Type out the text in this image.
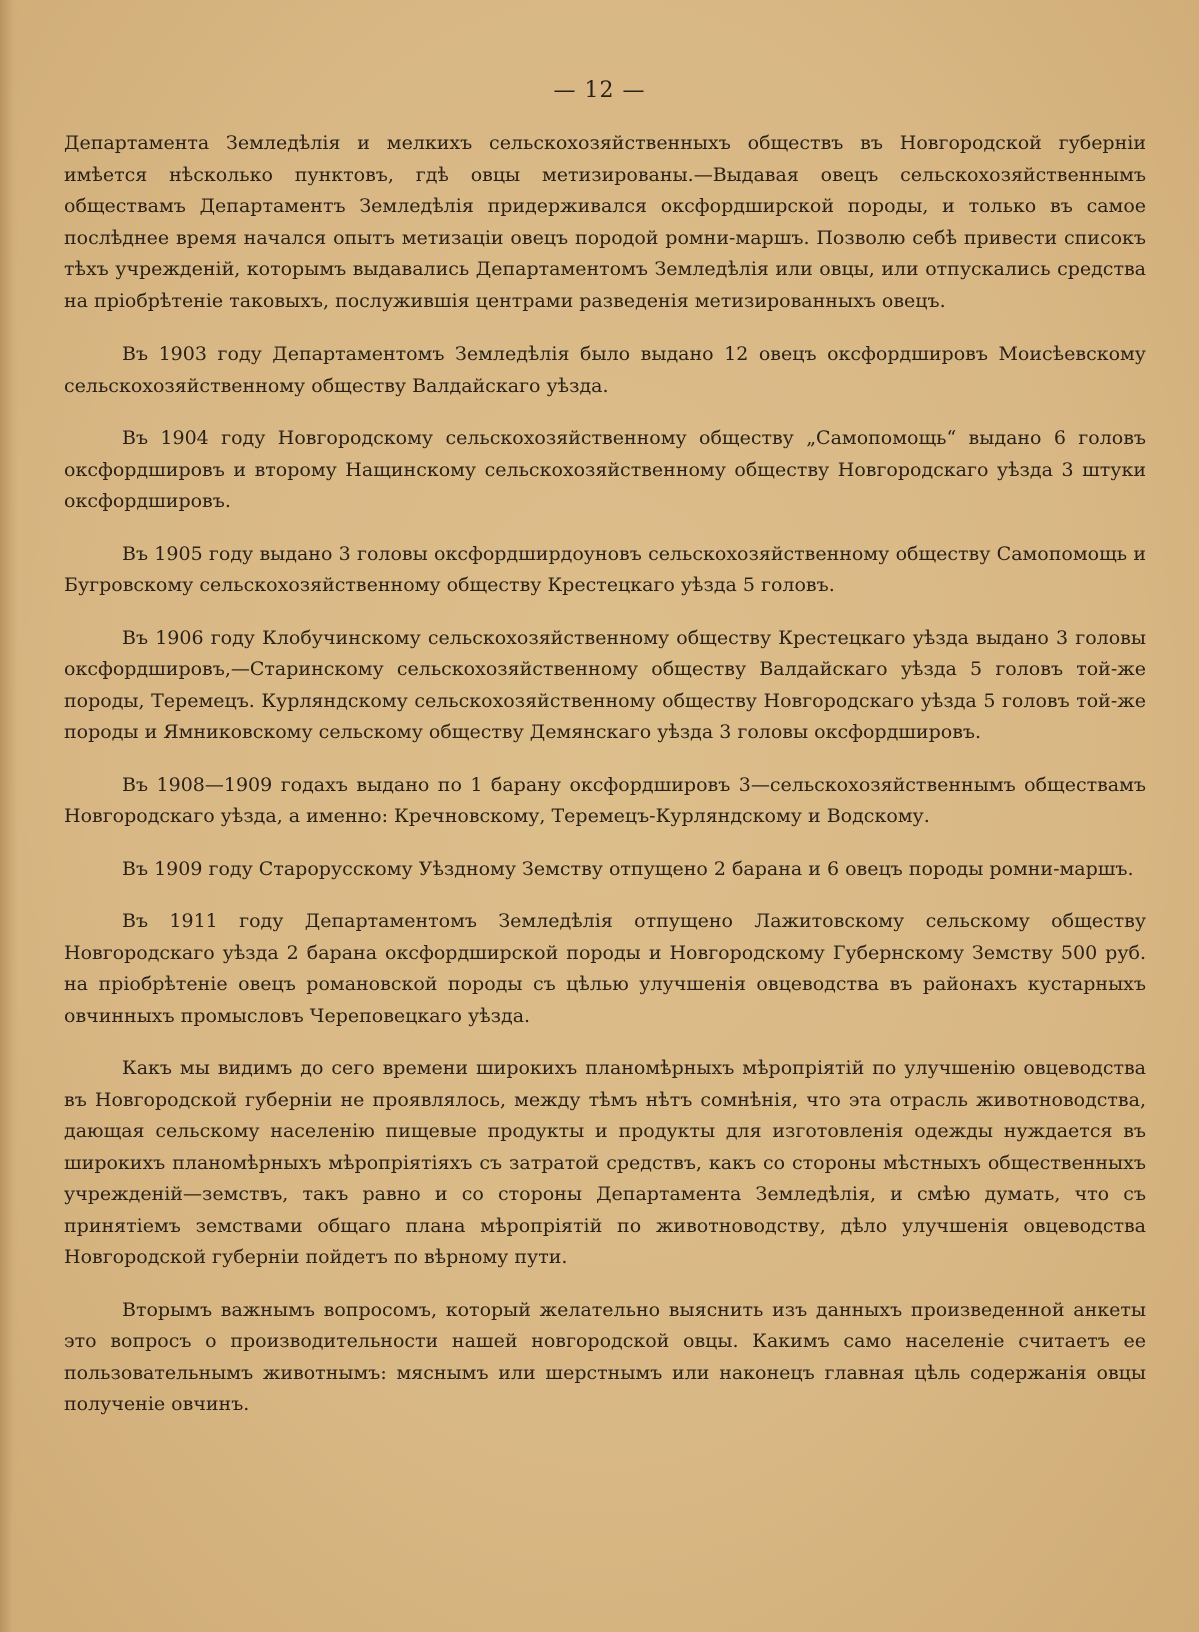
— 12 —

Департамента Земледѣлія и мелкихъ сельскохозяйственныхъ обществъ въ Новгородской губерніи имѣется нѣсколько пунктовъ, гдѣ овцы метизированы.—Выдавая овецъ сельскохозяйственнымъ обществамъ Департаментъ Земледѣлія придерживался оксфордширской породы, и только въ самое послѣднее время начался опытъ метизаціи овецъ породой ромни-маршъ. Позволю себѣ привести списокъ тѣхъ учрежденій, которымъ выдавались Департаментомъ Земледѣлія или овцы, или отпускались средства на пріобрѣтеніе таковыхъ, послужившія центрами разведенія метизированныхъ овецъ.

Въ 1903 году Департаментомъ Земледѣлія было выдано 12 овецъ оксфордшировъ Моисѣевскому сельскохозяйственному обществу Валдайскаго уѣзда.

Въ 1904 году Новгородскому сельскохозяйственному обществу „Самопомощь“ выдано 6 головъ оксфордшировъ и второму Нащинскому сельскохозяйственному обществу Новгородскаго уѣзда 3 штуки оксфордшировъ.

Въ 1905 году выдано 3 головы оксфордширдоуновъ сельскохозяйственному обществу Самопомощь и Бугровскому сельскохозяйственному обществу Крестецкаго уѣзда 5 головъ.

Въ 1906 году Клобучинскому сельскохозяйственному обществу Крестецкаго уѣзда выдано 3 головы оксфордшировъ,—Старинскому сельскохозяйственному обществу Валдайскаго уѣзда 5 головъ той-же породы, Теремецъ. Курляндскому сельскохозяйственному обществу Новгородскаго уѣзда 5 головъ той-же породы и Ямниковскому сельскому обществу Демянскаго уѣзда 3 головы оксфордшировъ.

Въ 1908—1909 годахъ выдано по 1 барану оксфордшировъ 3—сельскохозяйственнымъ обществамъ Новгородскаго уѣзда, а именно: Кречновскому, Теремецъ-Курляндскому и Водскому.

Въ 1909 году Старорусскому Уѣздному Земству отпущено 2 барана и 6 овецъ породы ромни-маршъ.

Въ 1911 году Департаментомъ Земледѣлія отпущено Лажитовскому сельскому обществу Новгородскаго уѣзда 2 барана оксфордширской породы и Новгородскому Губернскому Земству 500 руб. на пріобрѣтеніе овецъ романовской породы съ цѣлью улучшенія овцеводства въ районахъ кустарныхъ овчинныхъ промысловъ Череповецкаго уѣзда.

Какъ мы видимъ до сего времени широкихъ планомѣрныхъ мѣропріятій по улучшенію овцеводства въ Новгородской губерніи не проявлялось, между тѣмъ нѣтъ сомнѣнія, что эта отрасль животноводства, дающая сельскому населенію пищевые продукты и продукты для изготовленія одежды нуждается въ широкихъ планомѣрныхъ мѣропріятіяхъ съ затратой средствъ, какъ со стороны мѣстныхъ общественныхъ учрежденій—земствъ, такъ равно и со стороны Департамента Земледѣлія, и смѣю думать, что съ принятіемъ земствами общаго плана мѣропріятій по животноводству, дѣло улучшенія овцеводства Новгородской губерніи пойдетъ по вѣрному пути.

Вторымъ важнымъ вопросомъ, который желательно выяснить изъ данныхъ произведенной анкеты это вопросъ о производительности нашей новгородской овцы. Какимъ само населеніе считаетъ ее пользовательнымъ животнымъ: мяснымъ или шерстнымъ или наконецъ главная цѣль содержанія овцы полученіе овчинъ.
